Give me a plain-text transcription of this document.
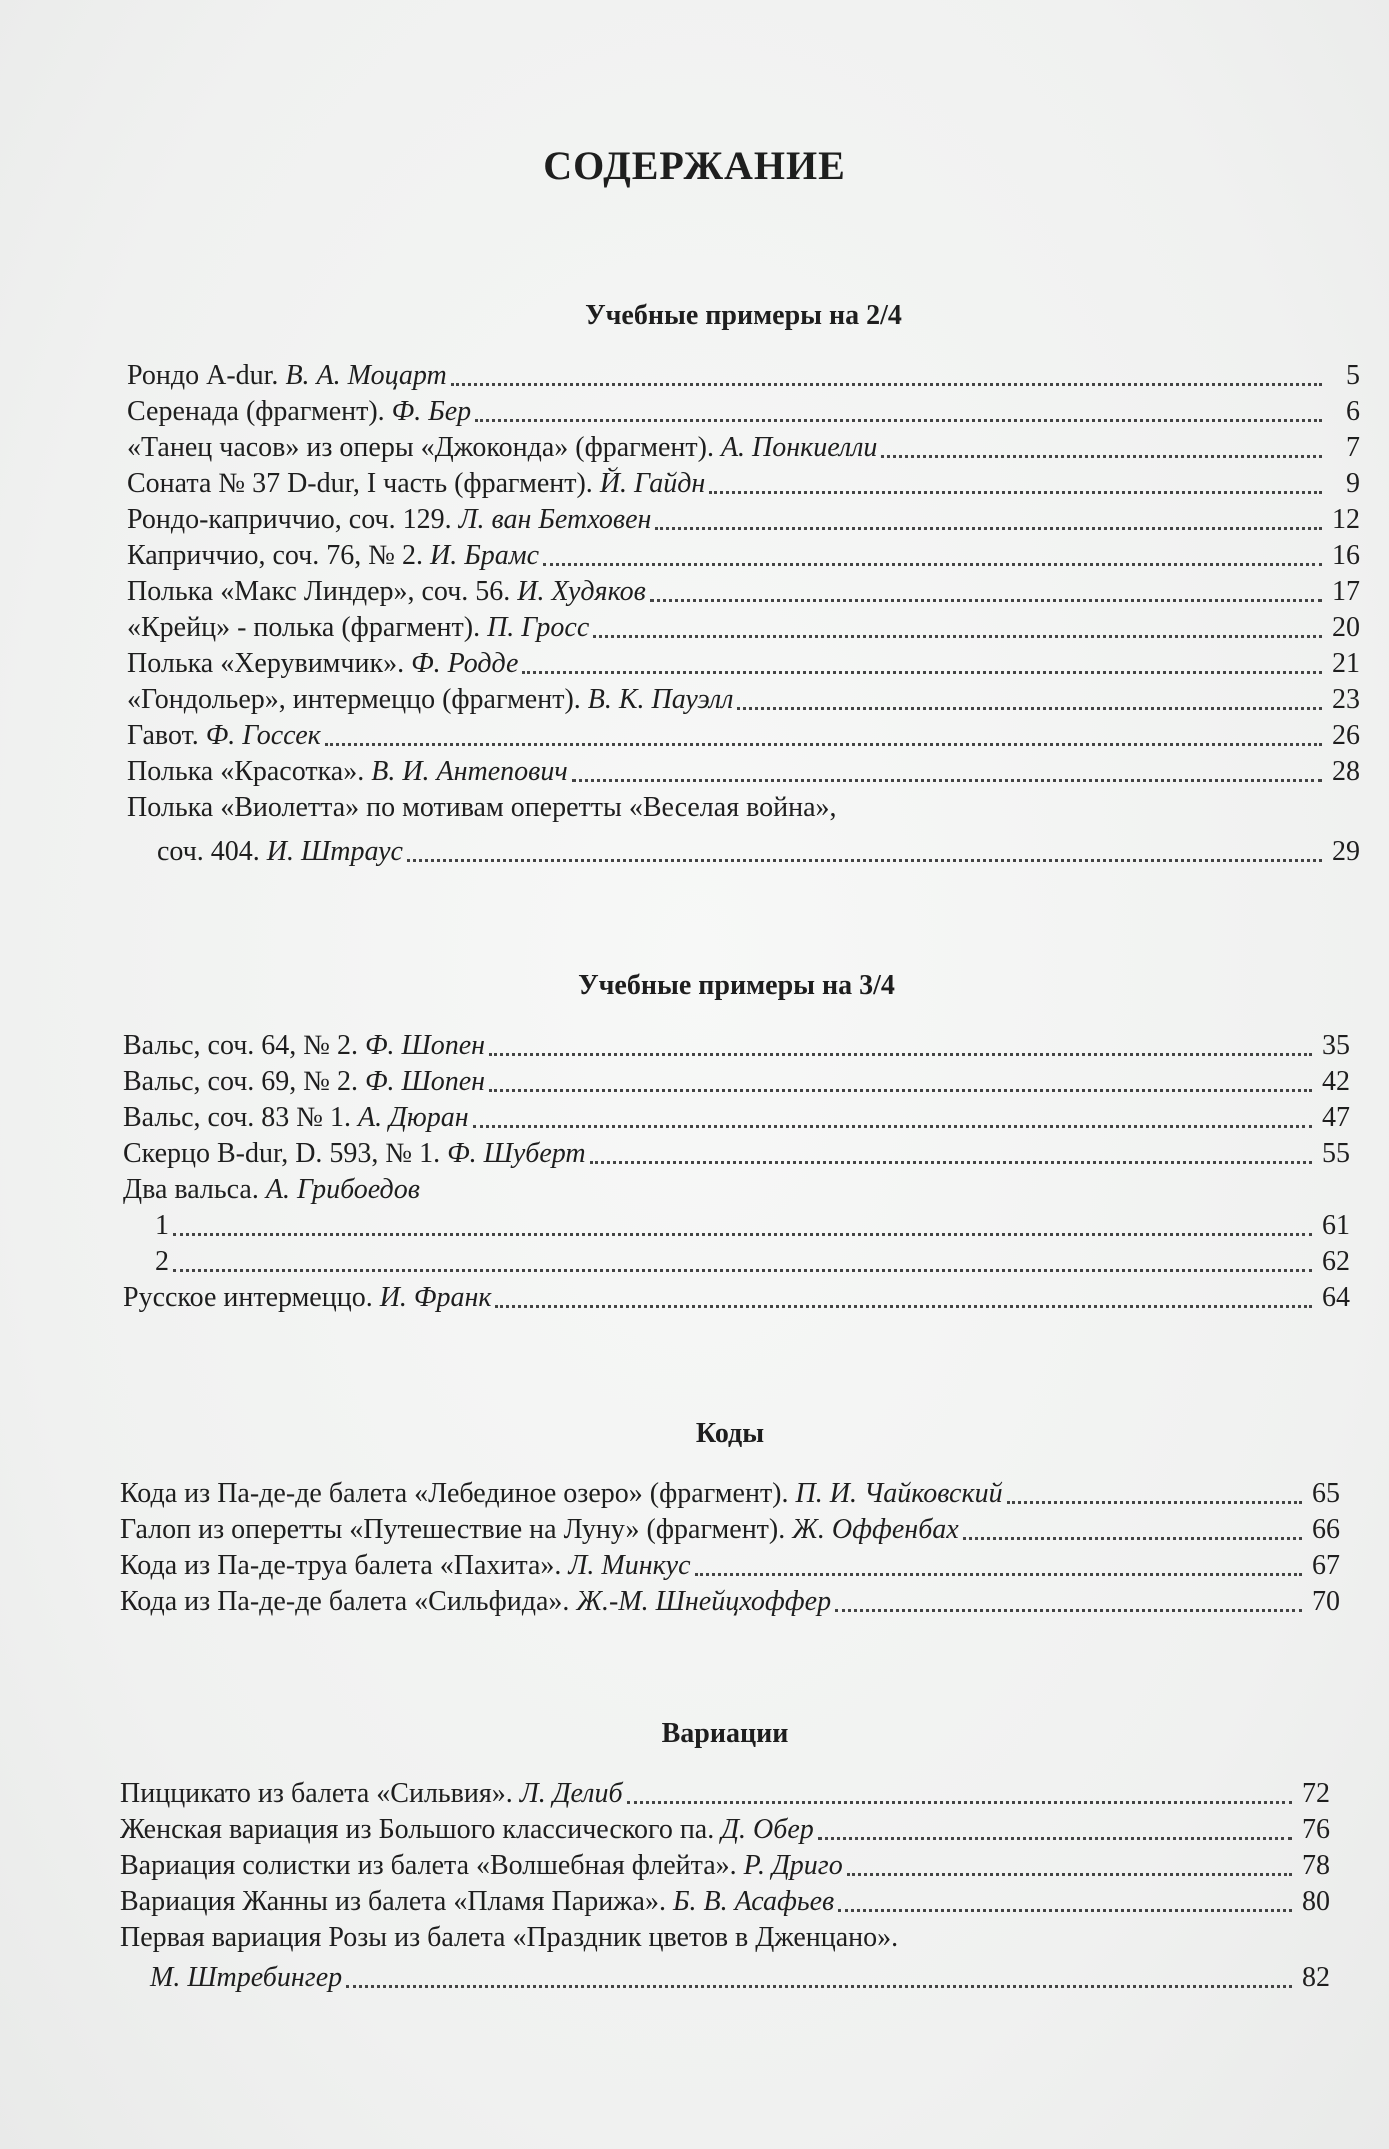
СОДЕРЖАНИЕ
Учебные примеры на 2/4
Рондо A-dur. В. А. Моцарт	5
Серенада (фрагмент). Ф. Бер	6
«Танец часов» из оперы «Джоконда» (фрагмент). А. Понкиелли	7
Соната № 37 D-dur, I часть (фрагмент). Й. Гайдн	9
Рондо-каприччио, соч. 129. Л. ван Бетховен	12
Каприччио, соч. 76, № 2. И. Брамс	16
Полька «Макс Линдер», соч. 56. И. Худяков	17
«Крейц» - полька (фрагмент). П. Гросс	20
Полька «Херувимчик». Ф. Родде	21
«Гондольер», интермеццо (фрагмент). В. К. Пауэлл	23
Гавот. Ф. Госсек	26
Полька «Красотка». В. И. Антепович	28
Полька «Виолетта» по мотивам оперетты «Веселая война»,
соч. 404. И. Штраус	29
Учебные примеры на 3/4
Вальс, соч. 64, № 2. Ф. Шопен	35
Вальс, соч. 69, № 2. Ф. Шопен	42
Вальс, соч. 83 № 1. А. Дюран	47
Скерцо B-dur, D. 593, № 1. Ф. Шуберт	55
Два вальса. А. Грибоедов
1	61
2	62
Русское интермеццо. И. Франк	64
Коды
Кода из Па-де-де балета «Лебединое озеро» (фрагмент). П. И. Чайковский	65
Галоп из оперетты «Путешествие на Луну» (фрагмент). Ж. Оффенбах	66
Кода из Па-де-труа балета «Пахита». Л. Минкус	67
Кода из Па-де-де балета «Сильфида». Ж.-М. Шнейцхоффер	70
Вариации
Пиццикато из балета «Сильвия». Л. Делиб	72
Женская вариация из Большого классического па. Д. Обер	76
Вариация солистки из балета «Волшебная флейта». Р. Дриго	78
Вариация Жанны из балета «Пламя Парижа». Б. В. Асафьев	80
Первая вариация Розы из балета «Праздник цветов в Дженцано».
М. Штребингер	82
